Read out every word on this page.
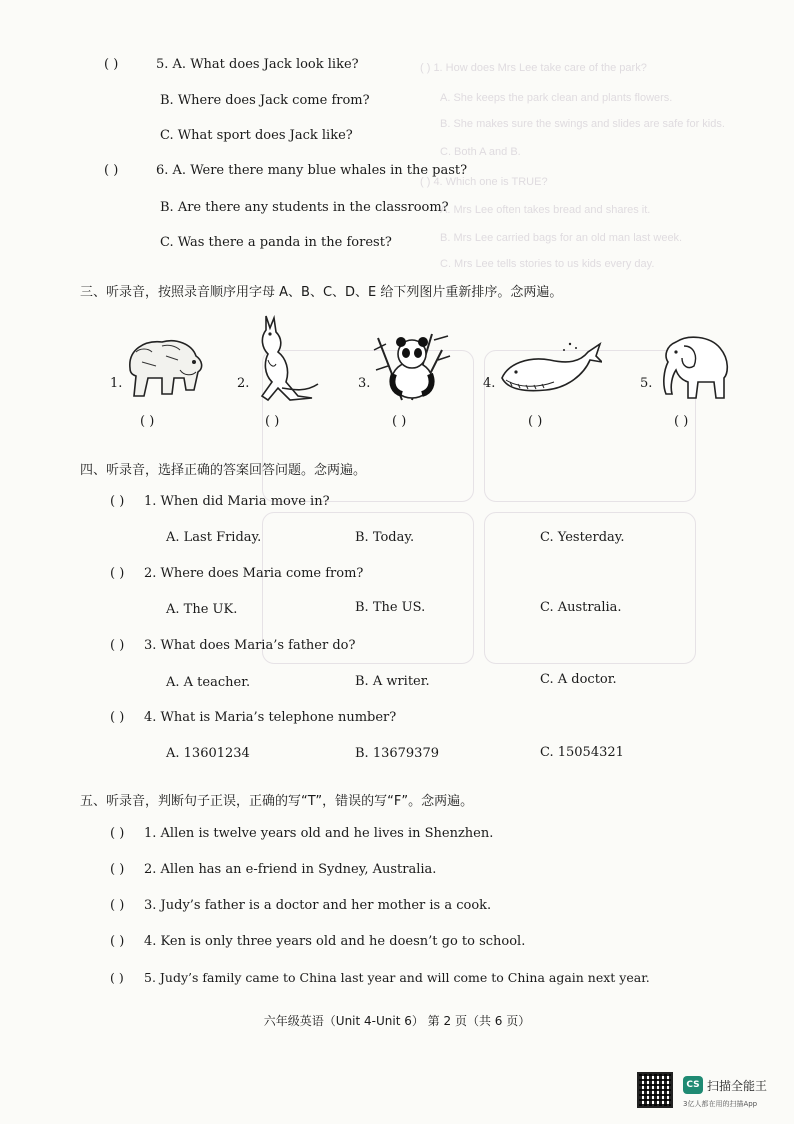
( ) 1. How does Mrs Lee take care of the park?
A. She keeps the park clean and plants flowers.
B. She makes sure the swings and slides are safe for kids.
C. Both A and B.
( ) 4. Which one is TRUE?
A. Mrs Lee often takes bread and shares it.
B. Mrs Lee carried bags for an old man last week.
C. Mrs Lee tells stories to us kids every day.
( )	5. A. What does Jack look like?
B. Where does Jack come from?
C. What sport does Jack like?
( )	6. A. Were there many blue whales in the past?
B. Are there any students in the classroom?
C. Was there a panda in the forest?
三、听录音，按照录音顺序用字母 A、B、C、D、E 给下列图片重新排序。念两遍。
1.
( )
2.
( )
3.
( )
4.
( )
5.
( )
四、听录音，选择正确的答案回答问题。念两遍。
( ) 1. When did Maria move in?
A. Last Friday.	B. Today.	C. Yesterday.
( ) 2. Where does Maria come from?
A. The UK.	B. The US.	C. Australia.
( ) 3. What does Maria’s father do?
A. A teacher.	B. A writer.	C. A doctor.
( ) 4. What is Maria’s telephone number?
A. 13601234	B. 13679379	C. 15054321
五、听录音，判断句子正误，正确的写“T”，错误的写“F”。念两遍。
( ) 1. Allen is twelve years old and he lives in Shenzhen.
( ) 2. Allen has an e-friend in Sydney, Australia.
( ) 3. Judy’s father is a doctor and her mother is a cook.
( ) 4. Ken is only three years old and he doesn’t go to school.
( ) 5. Judy’s family came to China last year and will come to China again next year.
六年级英语（Unit 4-Unit 6） 第 2 页（共 6 页）
CS 扫描全能王
3亿人都在用的扫描App
